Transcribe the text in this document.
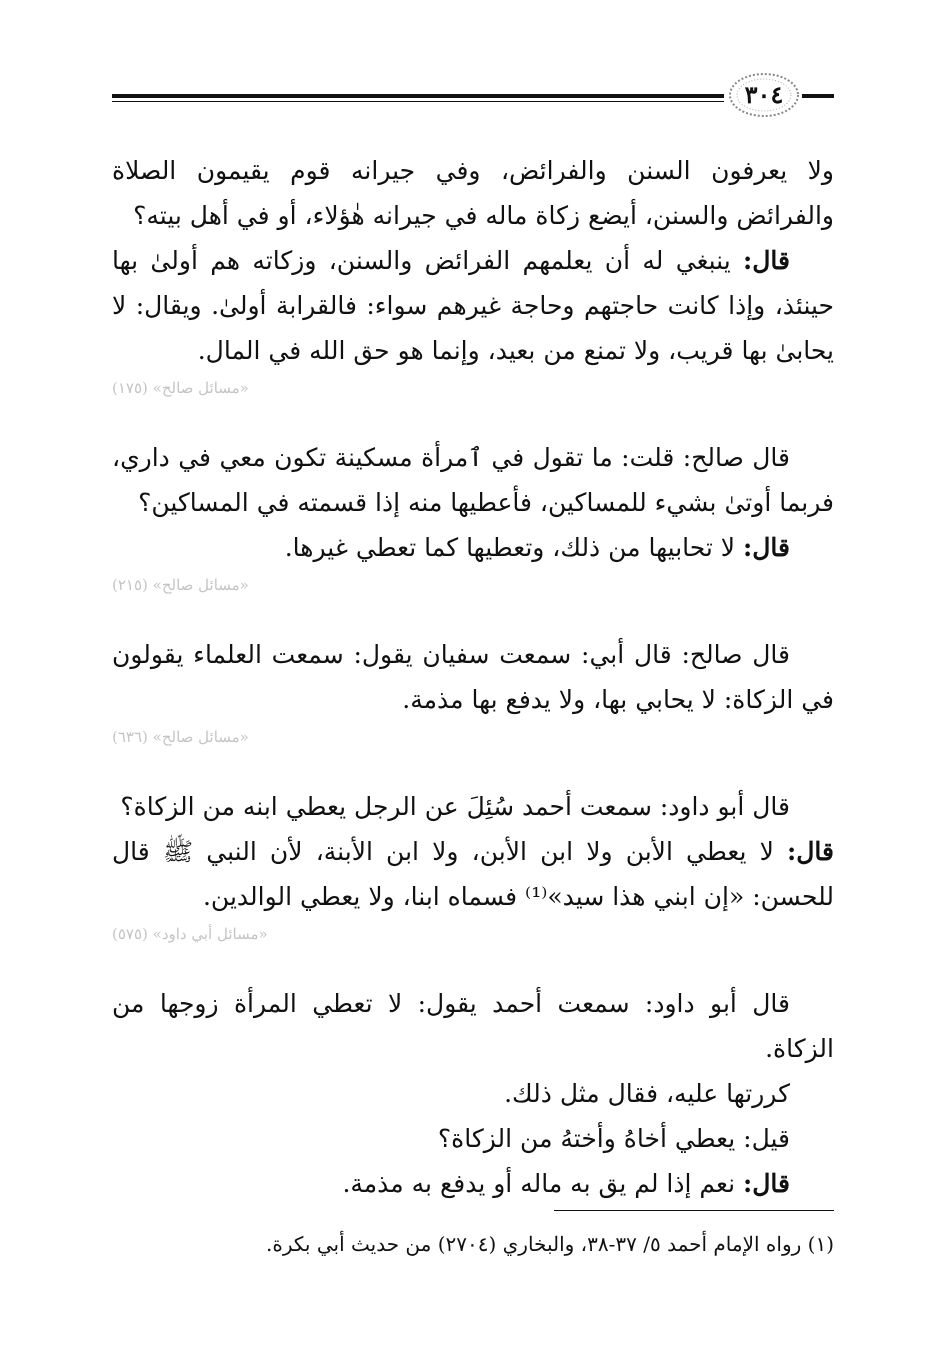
٣٠٤

ولا يعرفون السنن والفرائض، وفي جيرانه قوم يقيمون الصلاة والفرائض والسنن، أيضع زكاة ماله في جيرانه هٰؤلاء، أو في أهل بيته؟

قال: ينبغي له أن يعلمهم الفرائض والسنن، وزكاته هم أولىٰ بها حينئذ، وإذا كانت حاجتهم وحاجة غيرهم سواء: فالقرابة أولىٰ. ويقال: لا يحابىٰ بها قريب، ولا تمنع من بعيد، وإنما هو حق الله في المال.

«مسائل صالح» (١٧٥)

قال صالح: قلت: ما تقول في ٱمرأة مسكينة تكون معي في داري، فربما أوتىٰ بشيء للمساكين، فأعطيها منه إذا قسمته في المساكين؟

قال: لا تحابيها من ذلك، وتعطيها كما تعطي غيرها.

«مسائل صالح» (٢١٥)

قال صالح: قال أبي: سمعت سفيان يقول: سمعت العلماء يقولون في الزكاة: لا يحابي بها، ولا يدفع بها مذمة.

«مسائل صالح» (٦٣٦)

قال أبو داود: سمعت أحمد سُئِلَ عن الرجل يعطي ابنه من الزكاة؟

قال: لا يعطي الأبن ولا ابن الأبن، ولا ابن الأبنة، لأن النبي ﷺ قال للحسن: «إن ابني هذا سيد»⁽¹⁾ فسماه ابنا، ولا يعطي الوالدين.

«مسائل أبي داود» (٥٧٥)

قال أبو داود: سمعت أحمد يقول: لا تعطي المرأة زوجها من الزكاة.

كررتها عليه، فقال مثل ذلك.

قيل: يعطي أخاهُ وأختهُ من الزكاة؟

قال: نعم إذا لم يق به ماله أو يدفع به مذمة.

(١) رواه الإمام أحمد ٥/ ٣٧-٣٨، والبخاري (٢٧٠٤) من حديث أبي بكرة.
